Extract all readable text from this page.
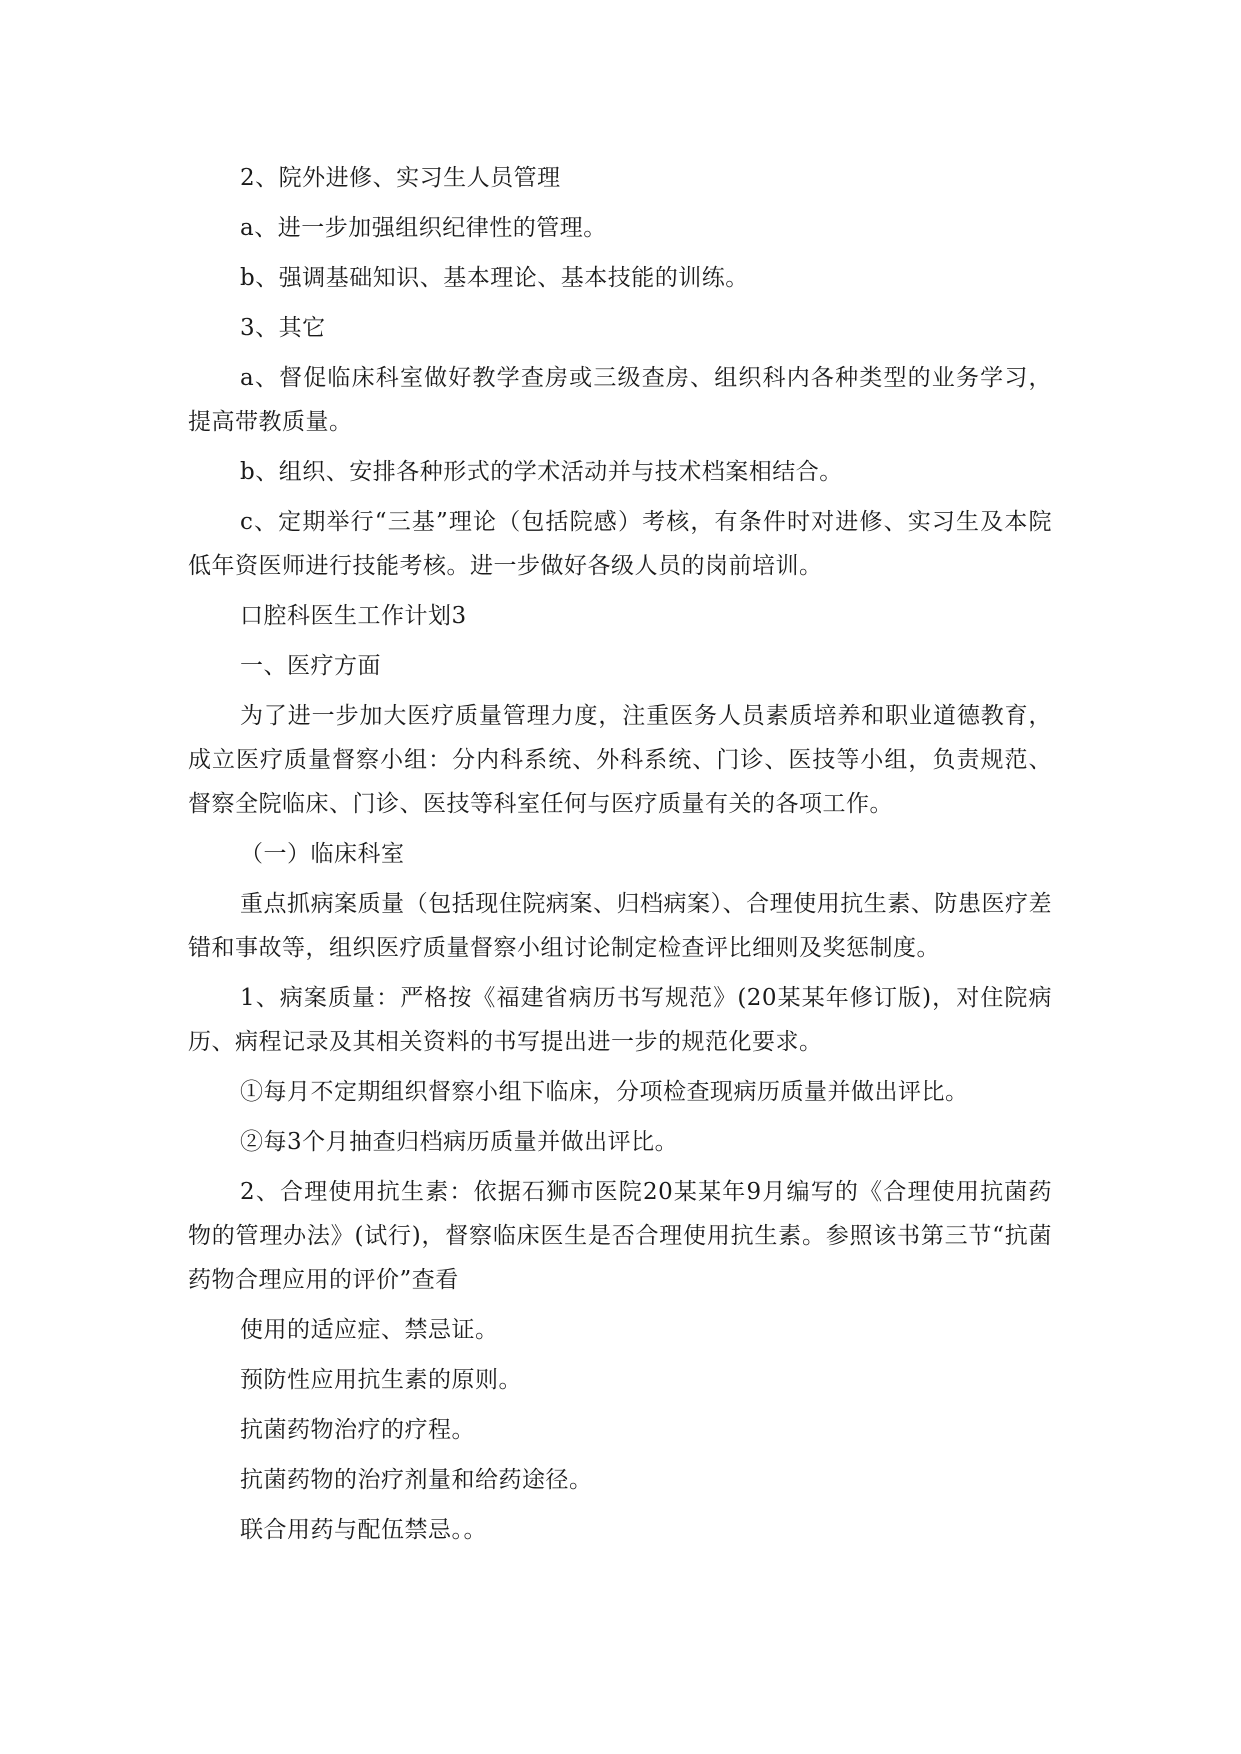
2、院外进修、实习生人员管理

a、进一步加强组织纪律性的管理。

b、强调基础知识、基本理论、基本技能的训练。

3、其它

a、督促临床科室做好教学查房或三级查房、组织科内各种类型的业务学习，提高带教质量。

b、组织、安排各种形式的学术活动并与技术档案相结合。

c、定期举行“三基”理论（包括院感）考核，有条件时对进修、实习生及本院低年资医师进行技能考核。进一步做好各级人员的岗前培训。

口腔科医生工作计划3

一、医疗方面

为了进一步加大医疗质量管理力度，注重医务人员素质培养和职业道德教育，成立医疗质量督察小组：分内科系统、外科系统、门诊、医技等小组，负责规范、督察全院临床、门诊、医技等科室任何与医疗质量有关的各项工作。

（一）临床科室

重点抓病案质量（包括现住院病案、归档病案）、合理使用抗生素、防患医疗差错和事故等，组织医疗质量督察小组讨论制定检查评比细则及奖惩制度。

1、病案质量：严格按《福建省病历书写规范》(20某某年修订版)，对住院病历、病程记录及其相关资料的书写提出进一步的规范化要求。

①每月不定期组织督察小组下临床，分项检查现病历质量并做出评比。

②每3个月抽查归档病历质量并做出评比。

2、合理使用抗生素：依据石狮市医院20某某年9月编写的《合理使用抗菌药物的管理办法》(试行)，督察临床医生是否合理使用抗生素。参照该书第三节“抗菌药物合理应用的评价”查看

使用的适应症、禁忌证。

预防性应用抗生素的原则。

抗菌药物治疗的疗程。

抗菌药物的治疗剂量和给药途径。

联合用药与配伍禁忌。。
